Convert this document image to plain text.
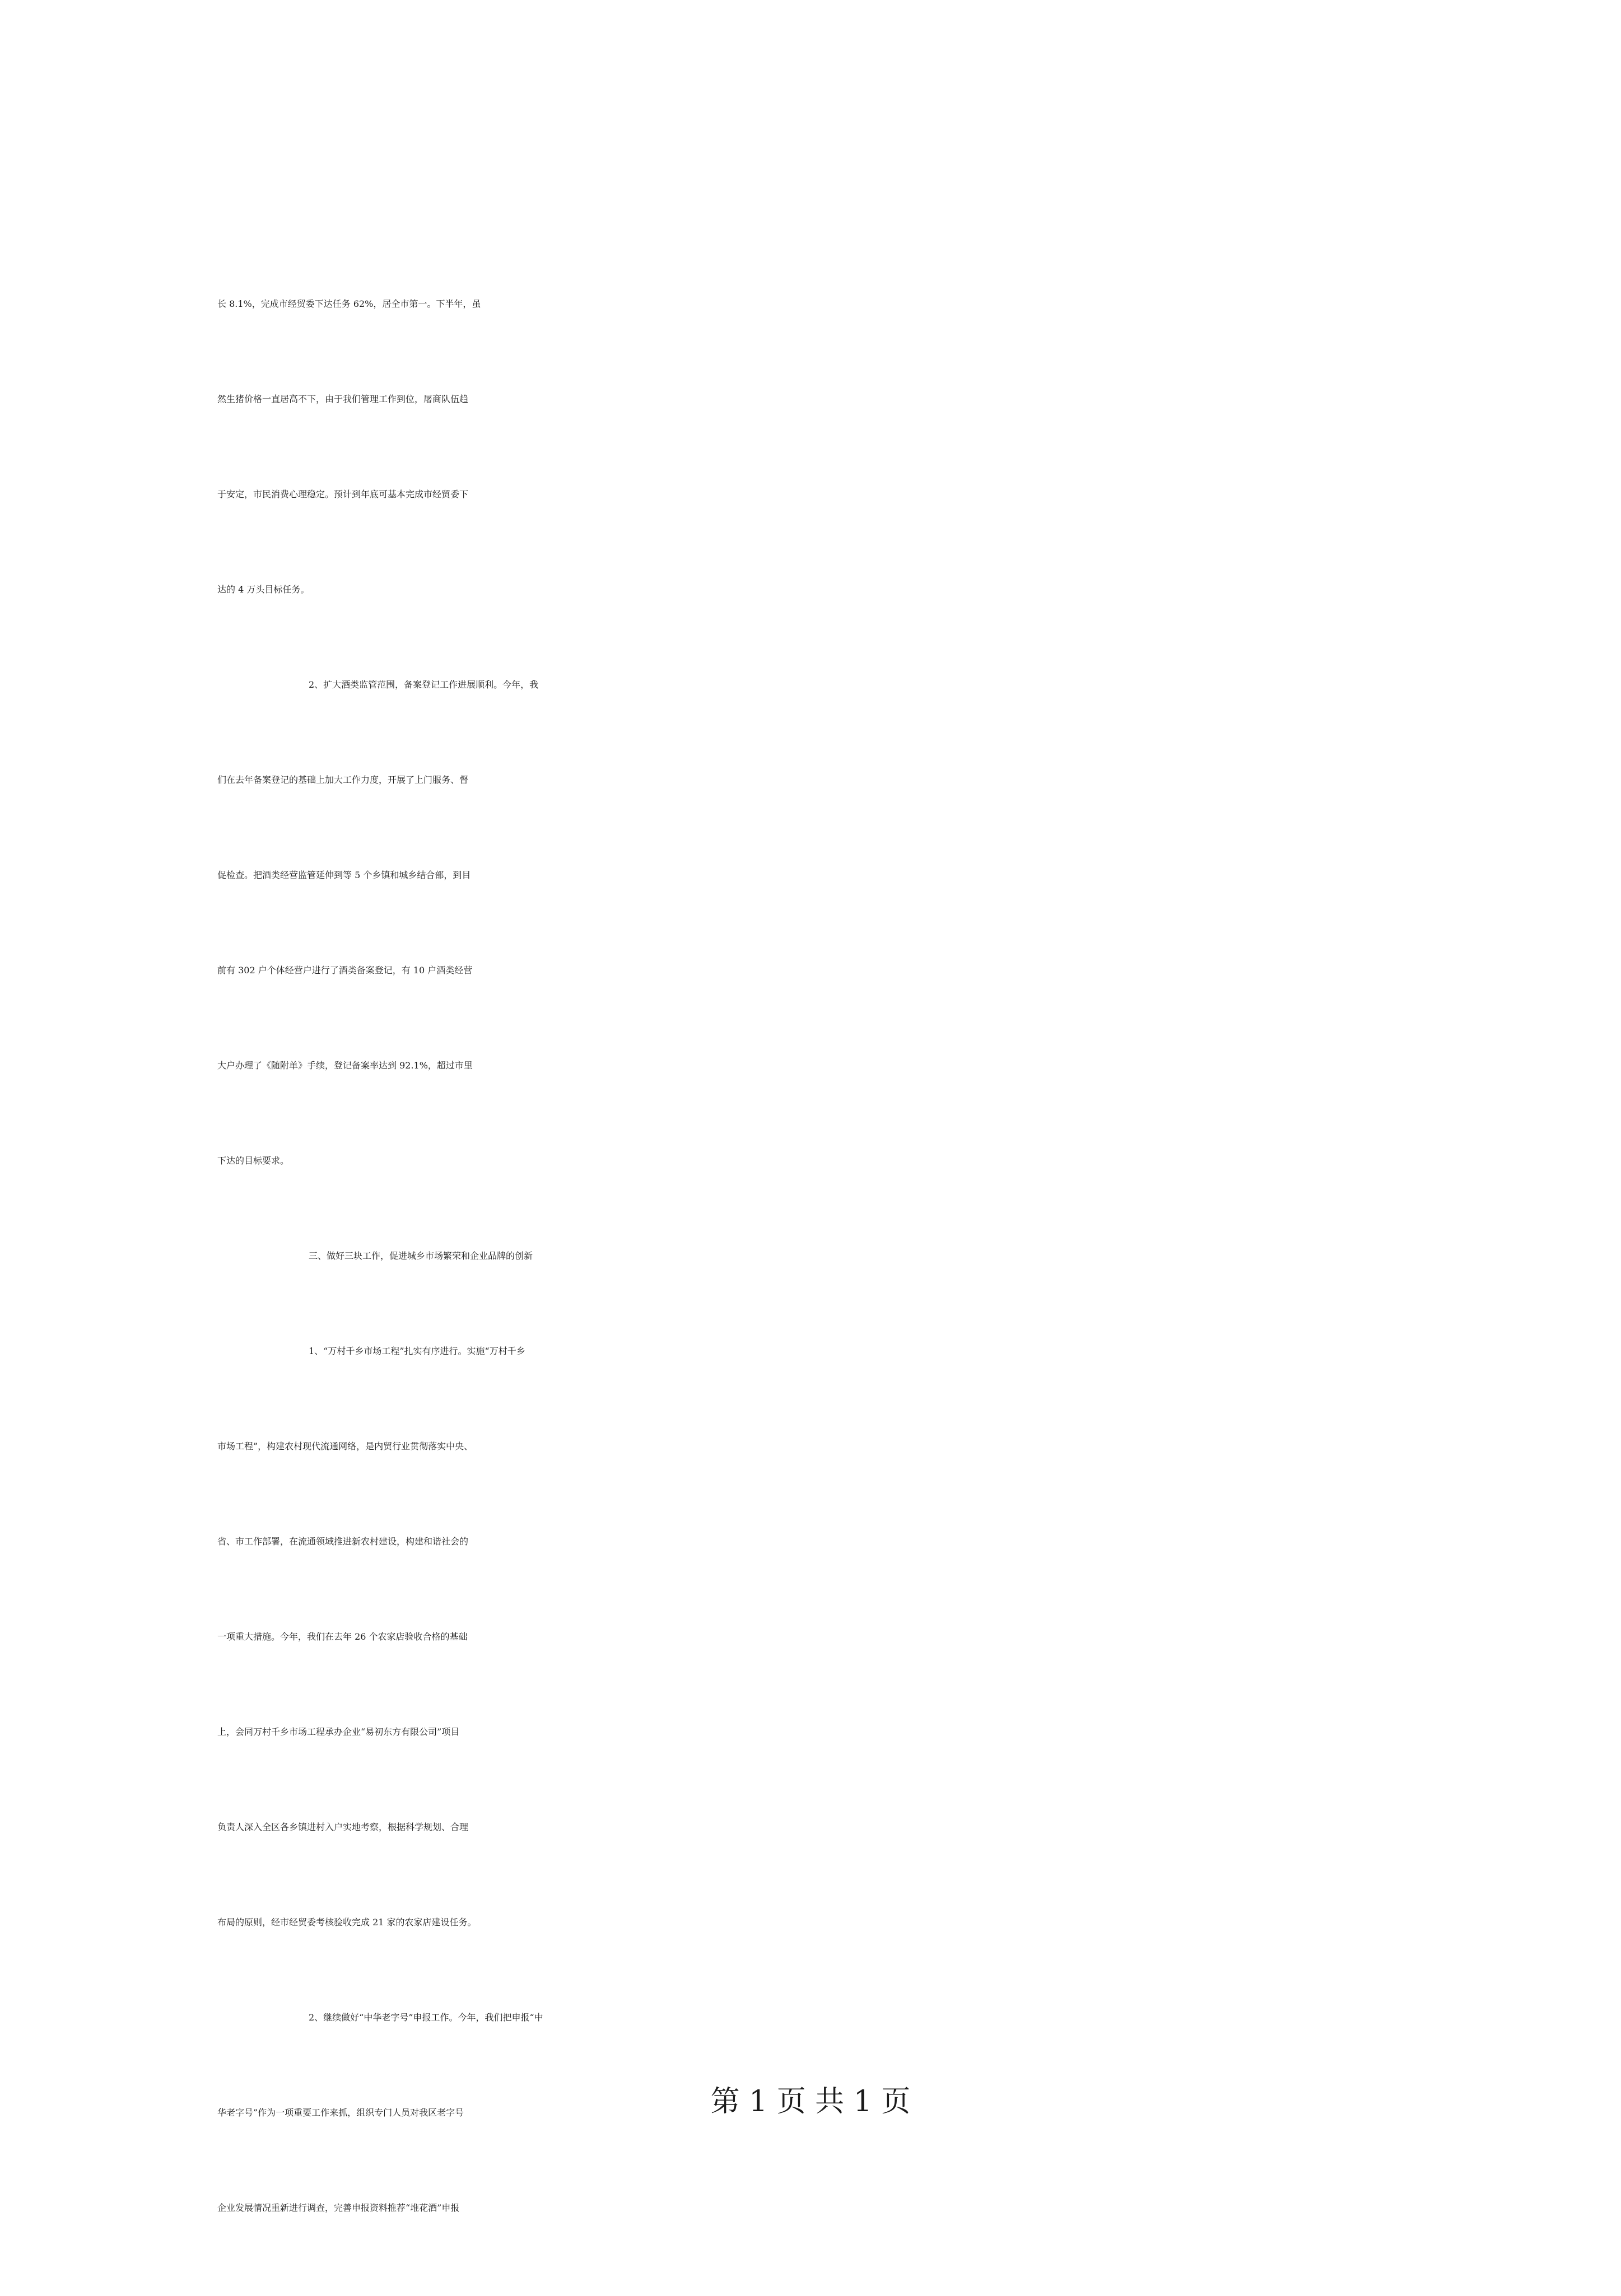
长 8.1%，完成市经贸委下达任务 62%，居全市第一。下半年，虽
然生猪价格一直居高不下，由于我们管理工作到位，屠商队伍趋
于安定，市民消费心理稳定。预计到年底可基本完成市经贸委下
达的 4 万头目标任务。
2、扩大酒类监管范围，备案登记工作进展顺利。今年，我
们在去年备案登记的基础上加大工作力度，开展了上门服务、督
促检查。把酒类经营监管延伸到等 5 个乡镇和城乡结合部，到目
前有 302 户个体经营户进行了酒类备案登记，有 10 户酒类经营
大户办理了《随附单》手续，登记备案率达到 92.1%，超过市里
下达的目标要求。
三、做好三块工作，促进城乡市场繁荣和企业品牌的创新
1、“万村千乡市场工程”扎实有序进行。实施“万村千乡
市场工程”，构建农村现代流通网络，是内贸行业贯彻落实中央、
省、市工作部署，在流通领域推进新农村建设，构建和谐社会的
一项重大措施。今年，我们在去年 26 个农家店验收合格的基础
上，会同万村千乡市场工程承办企业“易初东方有限公司”项目
负责人深入全区各乡镇进村入户实地考察，根据科学规划、合理
布局的原则，经市经贸委考核验收完成 21 家的农家店建设任务。
2、继续做好“中华老字号”申报工作。今年，我们把申报“中
华老字号”作为一项重要工作来抓，组织专门人员对我区老字号
企业发展情况重新进行调查，完善申报资料推荐“堆花酒”申报
第 1 页 共 1 页
